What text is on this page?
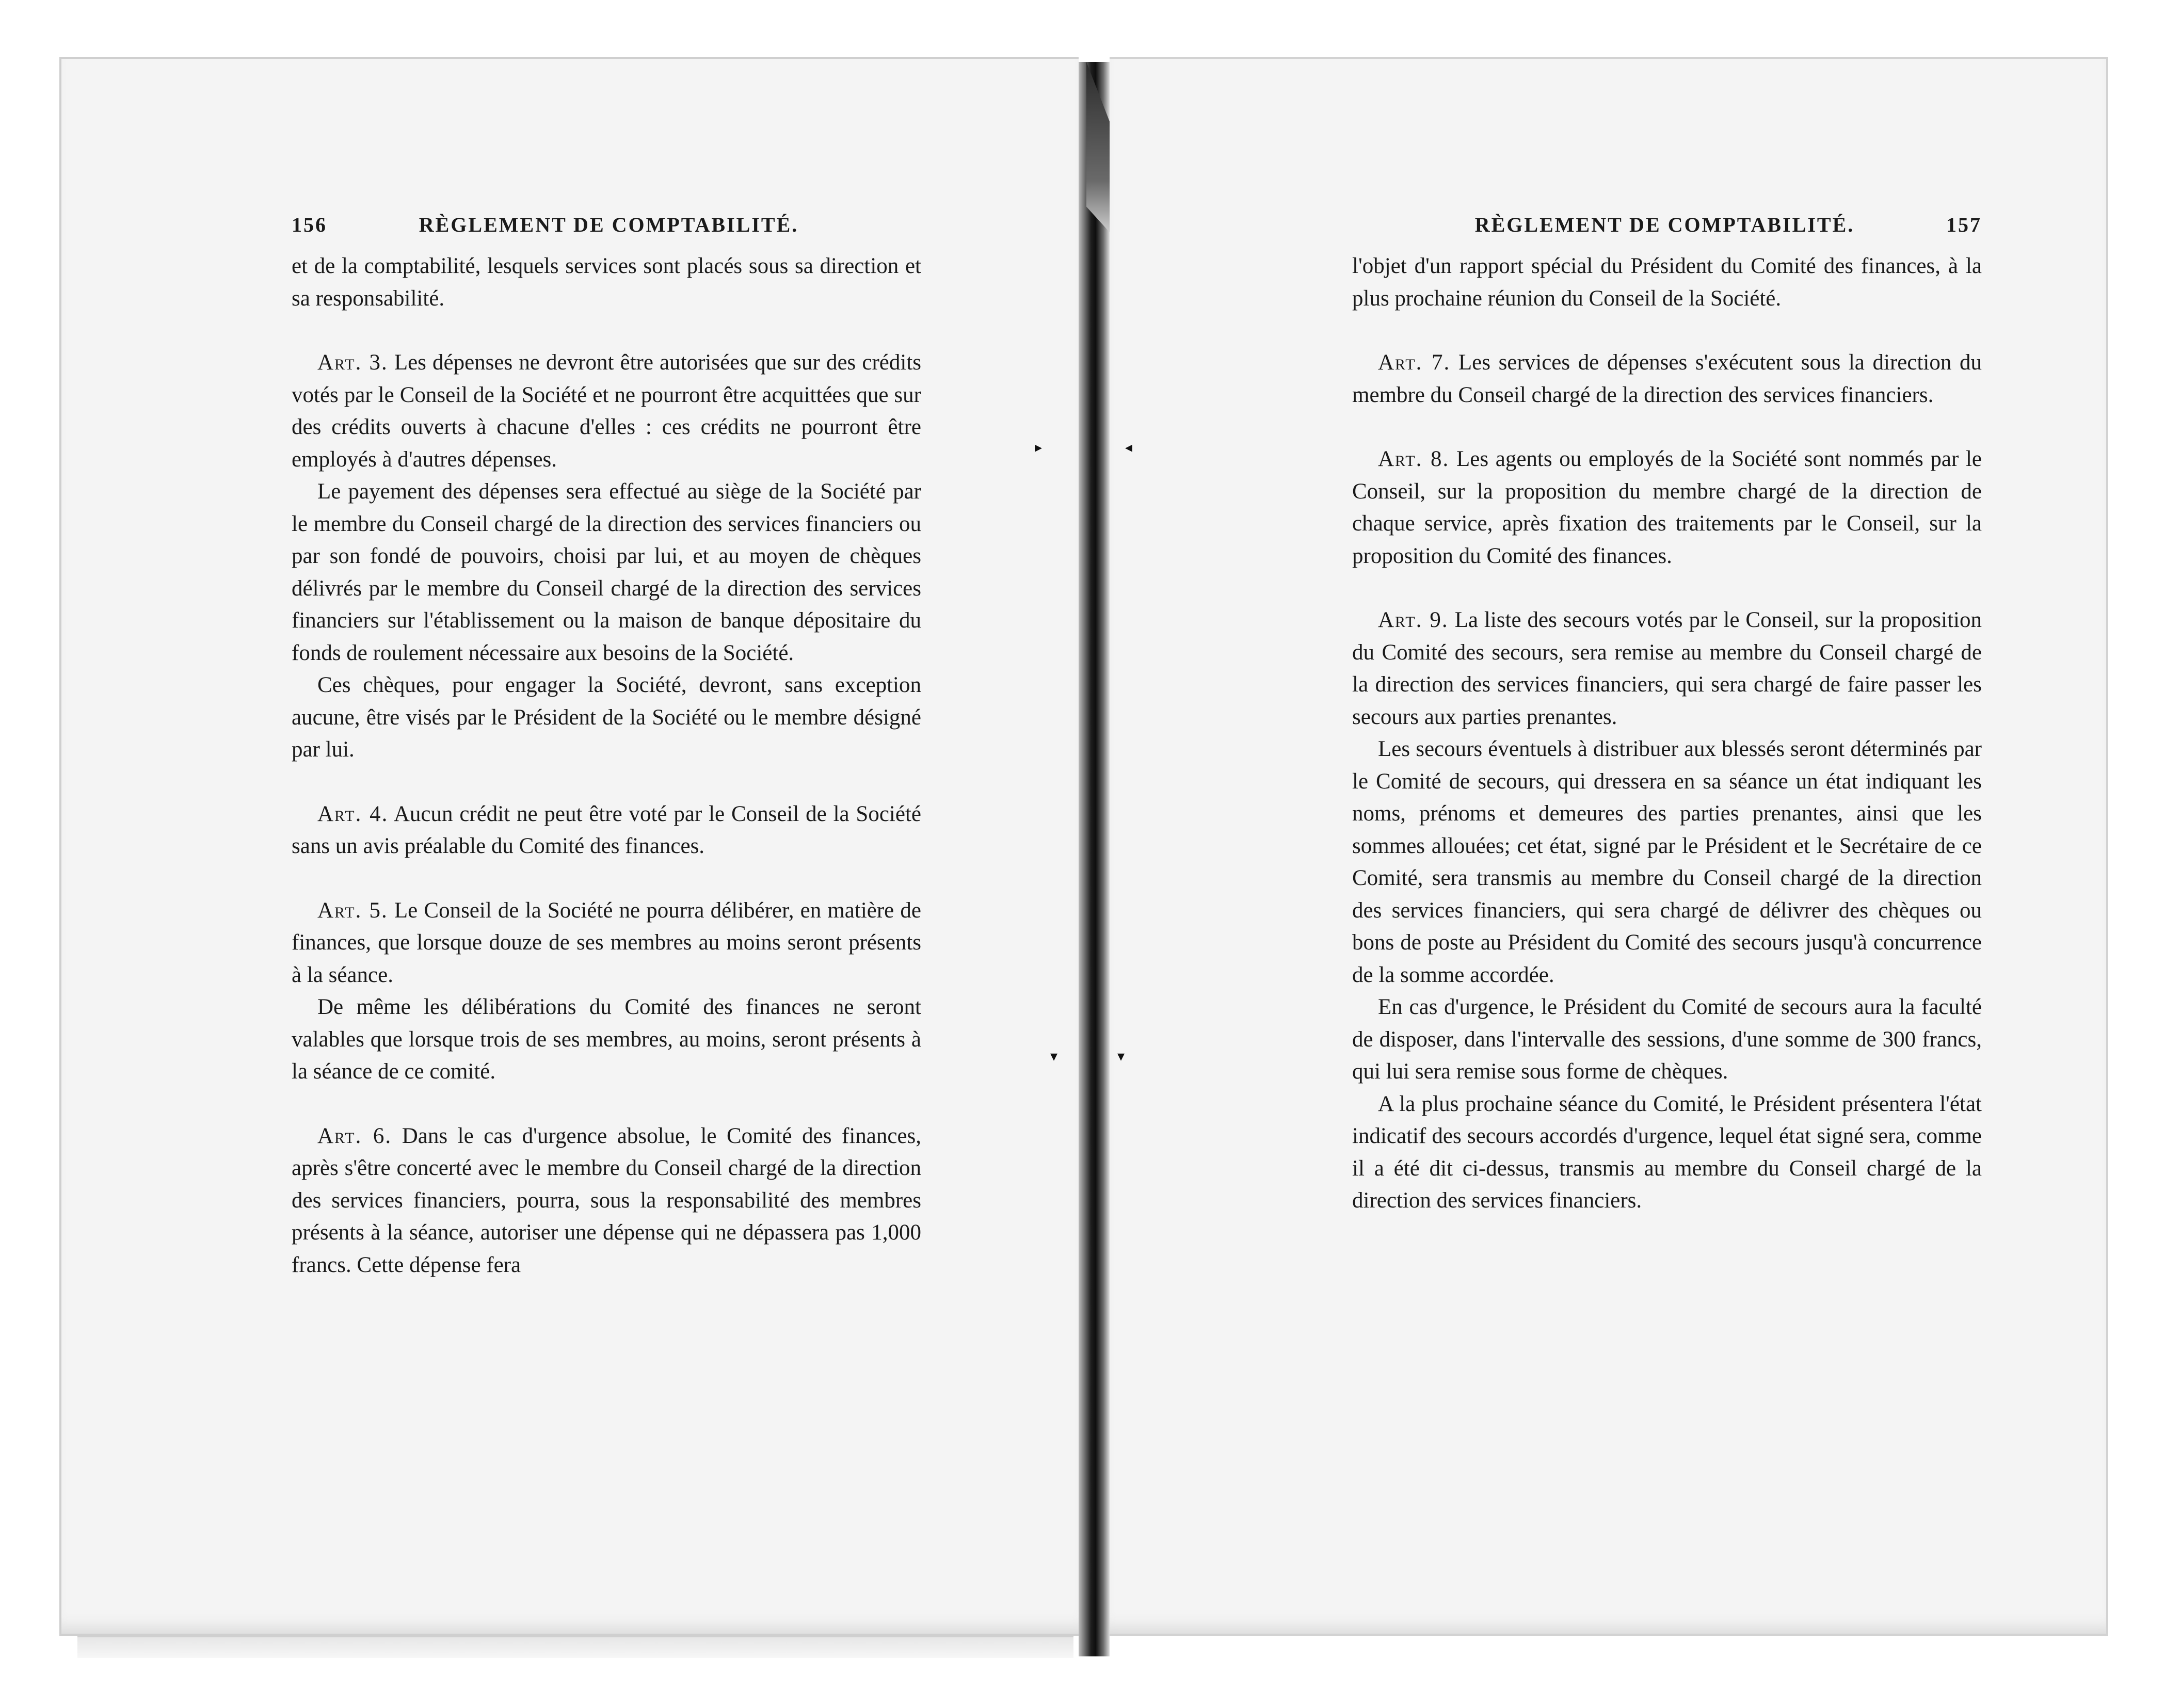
▸	◂
▾	▾
156	RÈGLEMENT DE COMPTABILITÉ.

et de la comptabilité, lesquels services sont placés sous sa direction et sa responsabilité.

Art. 3. Les dépenses ne devront être autorisées que sur des crédits votés par le Conseil de la Société et ne pourront être acquittées que sur des crédits ouverts à chacune d'elles : ces crédits ne pourront être employés à d'autres dépenses.

Le payement des dépenses sera effectué au siège de la Société par le membre du Conseil chargé de la direction des services financiers ou par son fondé de pouvoirs, choisi par lui, et au moyen de chèques délivrés par le membre du Conseil chargé de la direction des services financiers sur l'établissement ou la maison de banque dépositaire du fonds de roulement nécessaire aux besoins de la Société.

Ces chèques, pour engager la Société, devront, sans exception aucune, être visés par le Président de la Société ou le membre désigné par lui.

Art. 4. Aucun crédit ne peut être voté par le Conseil de la Société sans un avis préalable du Comité des finances.

Art. 5. Le Conseil de la Société ne pourra délibérer, en matière de finances, que lorsque douze de ses membres au moins seront présents à la séance.

De même les délibérations du Comité des finances ne seront valables que lorsque trois de ses membres, au moins, seront présents à la séance de ce comité.

Art. 6. Dans le cas d'urgence absolue, le Comité des finances, après s'être concerté avec le membre du Conseil chargé de la direction des services financiers, pourra, sous la responsabilité des membres présents à la séance, autoriser une dépense qui ne dépassera pas 1,000 francs. Cette dépense fera

RÈGLEMENT DE COMPTABILITÉ.	157

l'objet d'un rapport spécial du Président du Comité des finances, à la plus prochaine réunion du Conseil de la Société.

Art. 7. Les services de dépenses s'exécutent sous la direction du membre du Conseil chargé de la direction des services financiers.

Art. 8. Les agents ou employés de la Société sont nommés par le Conseil, sur la proposition du membre chargé de la direction de chaque service, après fixation des traitements par le Conseil, sur la proposition du Comité des finances.

Art. 9. La liste des secours votés par le Conseil, sur la proposition du Comité des secours, sera remise au membre du Conseil chargé de la direction des services financiers, qui sera chargé de faire passer les secours aux parties prenantes.

Les secours éventuels à distribuer aux blessés seront déterminés par le Comité de secours, qui dressera en sa séance un état indiquant les noms, prénoms et demeures des parties prenantes, ainsi que les sommes allouées; cet état, signé par le Président et le Secrétaire de ce Comité, sera transmis au membre du Conseil chargé de la direction des services financiers, qui sera chargé de délivrer des chèques ou bons de poste au Président du Comité des secours jusqu'à concurrence de la somme accordée.

En cas d'urgence, le Président du Comité de secours aura la faculté de disposer, dans l'intervalle des sessions, d'une somme de 300 francs, qui lui sera remise sous forme de chèques.

A la plus prochaine séance du Comité, le Président présentera l'état indicatif des secours accordés d'urgence, lequel état signé sera, comme il a été dit ci-dessus, transmis au membre du Conseil chargé de la direction des services financiers.
